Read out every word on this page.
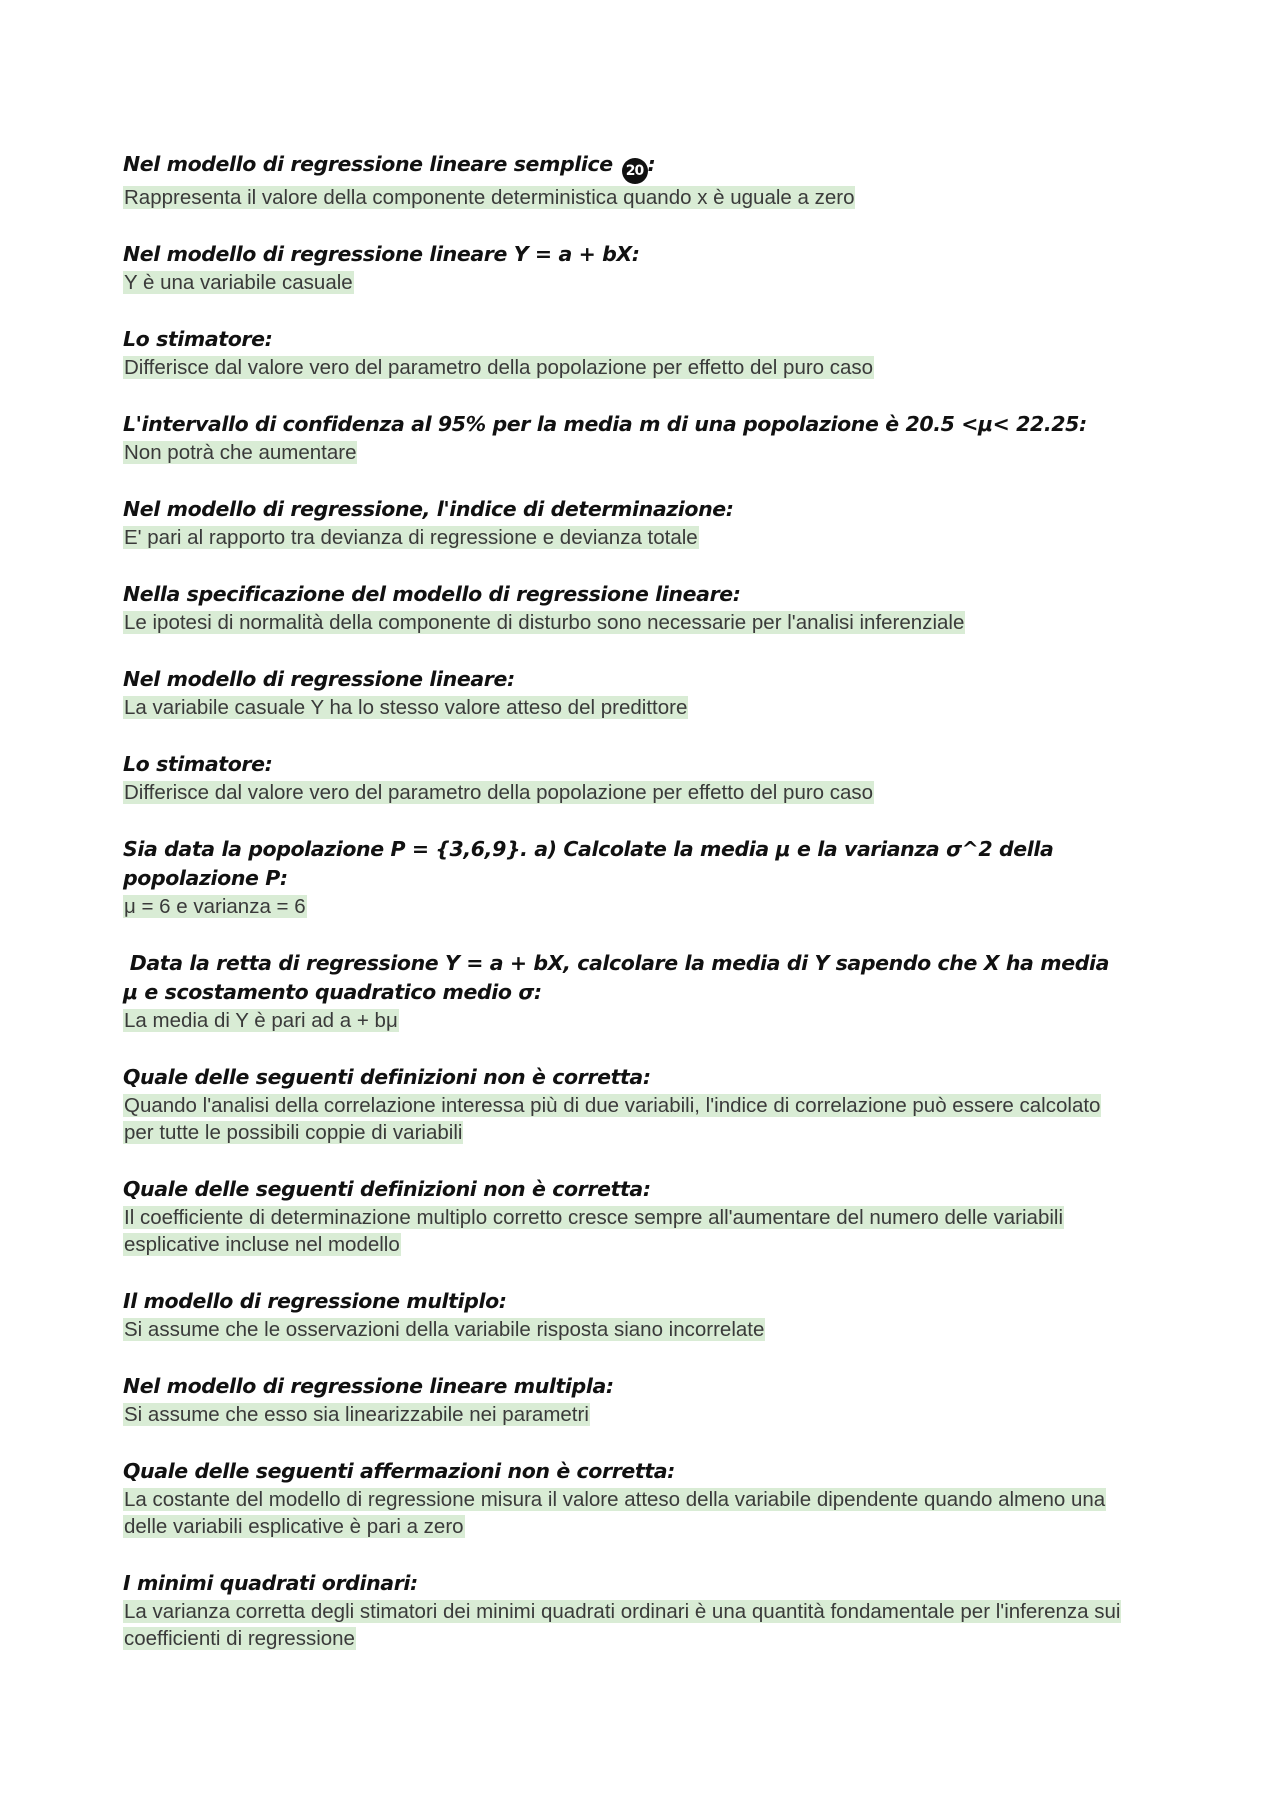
Nel modello di regressione lineare semplice 20 :

Rappresenta il valore della componente deterministica quando x è uguale a zero

Nel modello di regressione lineare Y = a + bX:

Y è una variabile casuale

Lo stimatore:

Differisce dal valore vero del parametro della popolazione per effetto del puro caso

L'intervallo di confidenza al 95% per la media m di una popolazione è 20.5 <μ< 22.25:

Non potrà che aumentare

Nel modello di regressione, l'indice di determinazione:

E' pari al rapporto tra devianza di regressione e devianza totale

Nella specificazione del modello di regressione lineare:

Le ipotesi di normalità della componente di disturbo sono necessarie per l'analisi inferenziale

Nel modello di regressione lineare:

La variabile casuale Y ha lo stesso valore atteso del predittore

Lo stimatore:

Differisce dal valore vero del parametro della popolazione per effetto del puro caso

Sia data la popolazione P = {3,6,9}. a) Calcolate la media μ e la varianza σ^2 della popolazione P:

μ = 6 e varianza = 6

Data la retta di regressione Y = a + bX, calcolare la media di Y sapendo che X ha media μ e scostamento quadratico medio σ:

La media di Y è pari ad a + bμ

Quale delle seguenti definizioni non è corretta:

Quando l'analisi della correlazione interessa più di due variabili, l'indice di correlazione può essere calcolato per tutte le possibili coppie di variabili

Quale delle seguenti definizioni non è corretta:

Il coefficiente di determinazione multiplo corretto cresce sempre all'aumentare del numero delle variabili esplicative incluse nel modello

Il modello di regressione multiplo:

Si assume che le osservazioni della variabile risposta siano incorrelate

Nel modello di regressione lineare multipla:

Si assume che esso sia linearizzabile nei parametri

Quale delle seguenti affermazioni non è corretta:

La costante del modello di regressione misura il valore atteso della variabile dipendente quando almeno una delle variabili esplicative è pari a zero

I minimi quadrati ordinari:

La varianza corretta degli stimatori dei minimi quadrati ordinari è una quantità fondamentale per l'inferenza sui coefficienti di regressione
